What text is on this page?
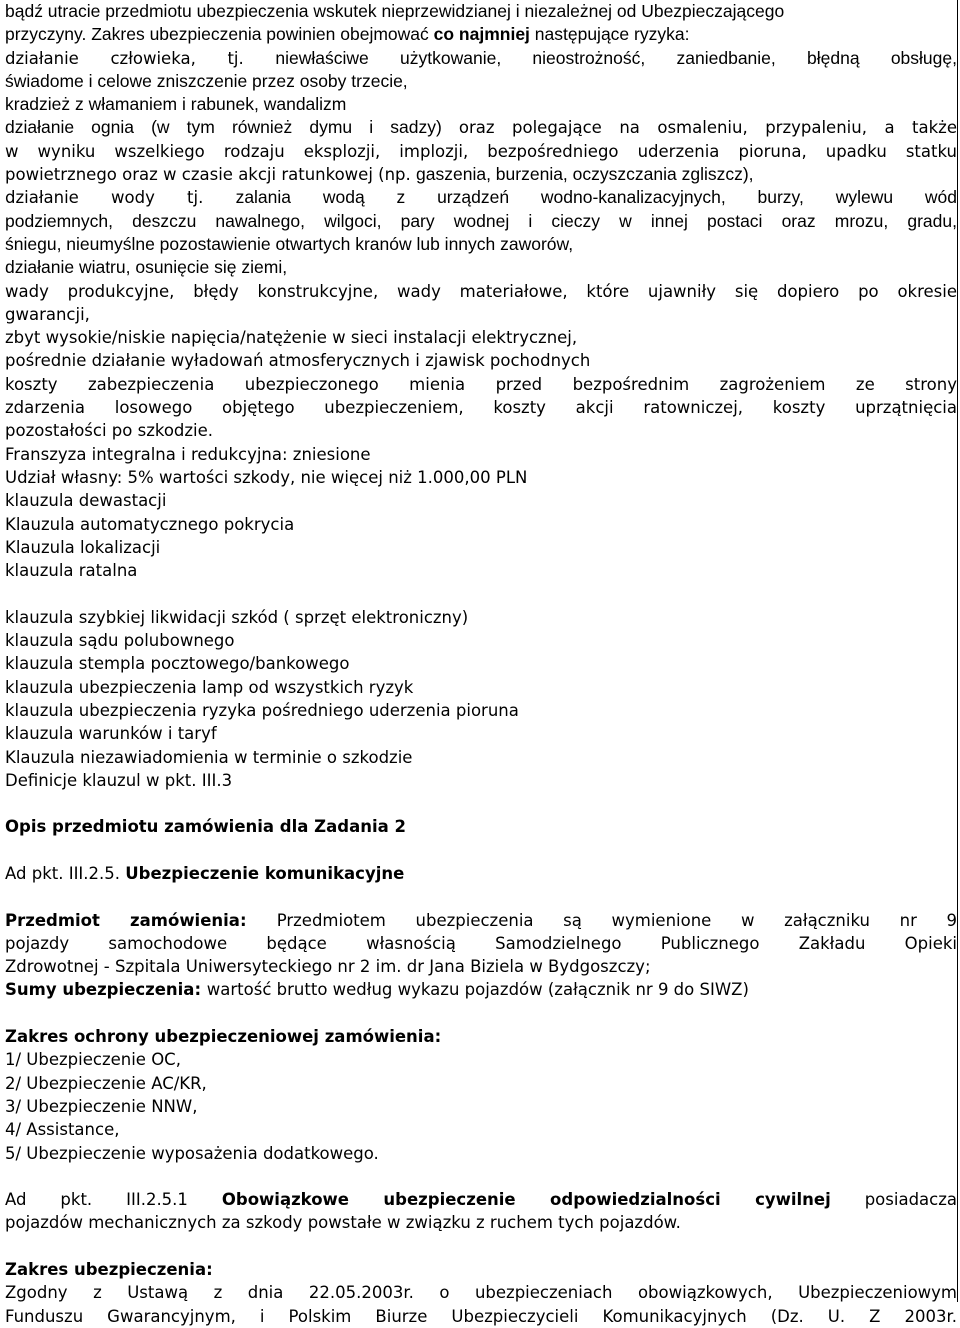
bądź utracie przedmiotu ubezpieczenia wskutek nieprzewidzianej i niezależnej od Ubezpieczającego
przyczyny. Zakres ubezpieczenia powinien obejmować co najmniej następujące ryzyka:
działanie człowieka, tj. niewłaściwe użytkowanie, nieostrożność, zaniedbanie, błędną obsługę,
świadome i celowe zniszczenie przez osoby trzecie,
kradzież z włamaniem i rabunek, wandalizm
działanie ognia (w tym również dymu i sadzy) oraz polegające na osmaleniu, przypaleniu, a także
w wyniku wszelkiego rodzaju eksplozji, implozji, bezpośredniego uderzenia pioruna, upadku statku
powietrznego oraz w czasie akcji ratunkowej (np. gaszenia, burzenia, oczyszczania zgliszcz),
działanie wody tj. zalania wodą z urządzeń wodno-kanalizacyjnych, burzy, wylewu wód
podziemnych, deszczu nawalnego, wilgoci, pary wodnej i cieczy w innej postaci oraz mrozu, gradu,
śniegu, nieumyślne pozostawienie otwartych kranów lub innych zaworów,
działanie wiatru, osunięcie się ziemi,
wady produkcyjne, błędy konstrukcyjne, wady materiałowe, które ujawniły się dopiero po okresie
gwarancji,
zbyt wysokie/niskie napięcia/natężenie w sieci instalacji elektrycznej,
pośrednie działanie wyładowań atmosferycznych i zjawisk pochodnych
koszty zabezpieczenia ubezpieczonego mienia przed bezpośrednim zagrożeniem ze strony
zdarzenia losowego objętego ubezpieczeniem, koszty akcji ratowniczej, koszty uprzątnięcia
pozostałości po szkodzie.
Franszyza integralna i redukcyjna: zniesione
Udział własny: 5% wartości szkody, nie więcej niż 1.000,00 PLN
klauzula dewastacji
Klauzula automatycznego pokrycia
Klauzula lokalizacji
klauzula ratalna
klauzula szybkiej likwidacji szkód ( sprzęt elektroniczny)
klauzula sądu polubownego
klauzula stempla pocztowego/bankowego
klauzula ubezpieczenia lamp od wszystkich ryzyk
klauzula ubezpieczenia ryzyka pośredniego uderzenia pioruna
klauzula warunków i taryf
Klauzula niezawiadomienia w terminie o szkodzie
Definicje klauzul w pkt. III.3
Opis przedmiotu zamówienia dla Zadania 2
Ad pkt. III.2.5. Ubezpieczenie komunikacyjne
Przedmiot zamówienia: Przedmiotem ubezpieczenia są wymienione w załączniku nr 9
pojazdy samochodowe będące własnością Samodzielnego Publicznego Zakładu Opieki
Zdrowotnej - Szpitala Uniwersyteckiego nr 2 im. dr Jana Biziela w Bydgoszczy;
Sumy ubezpieczenia: wartość brutto według wykazu pojazdów (załącznik nr 9 do SIWZ)
Zakres ochrony ubezpieczeniowej zamówienia:
1/ Ubezpieczenie OC,
2/ Ubezpieczenie AC/KR,
3/ Ubezpieczenie NNW,
4/ Assistance,
5/ Ubezpieczenie wyposażenia dodatkowego.
Ad pkt. III.2.5.1 Obowiązkowe ubezpieczenie odpowiedzialności cywilnej posiadacza
pojazdów mechanicznych za szkody powstałe w związku z ruchem tych pojazdów.
Zakres ubezpieczenia:
Zgodny z Ustawą z dnia 22.05.2003r. o ubezpieczeniach obowiązkowych, Ubezpieczeniowym
Funduszu Gwarancyjnym, i Polskim Biurze Ubezpieczycieli Komunikacyjnych (Dz. U. Z 2003r.
